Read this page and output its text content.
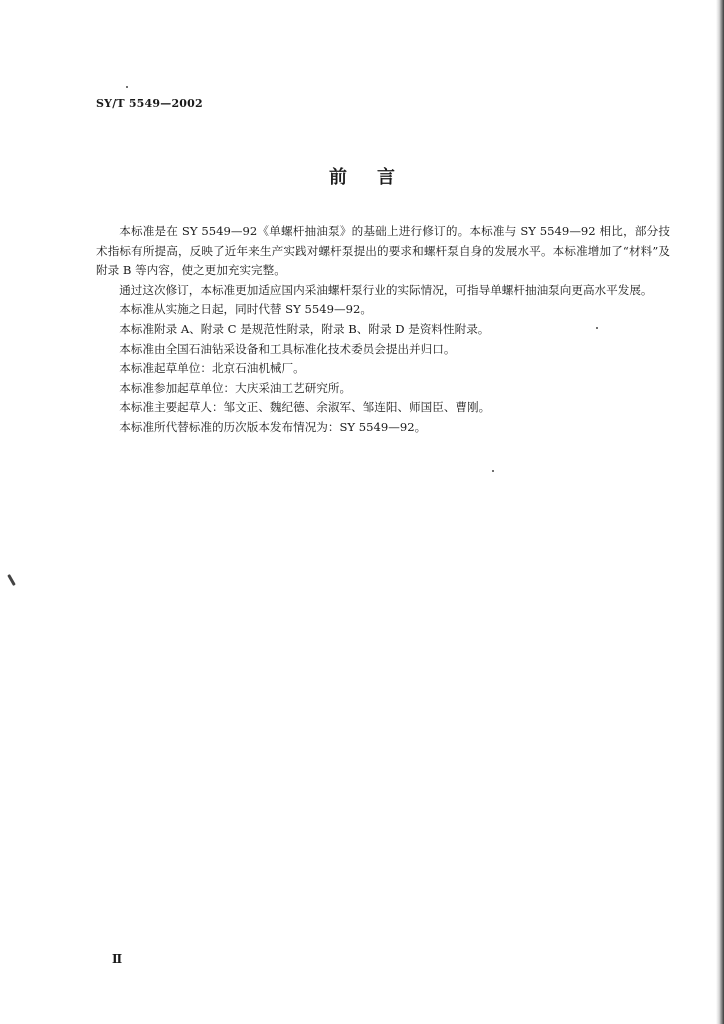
SY/T 5549—2002
前言

本标准是在 SY 5549—92《单螺杆抽油泵》的基础上进行修订的。本标准与 SY 5549—92 相比，部分技术指标有所提高，反映了近年来生产实践对螺杆泵提出的要求和螺杆泵自身的发展水平。本标准增加了“材料”及附录 B 等内容，使之更加充实完整。

通过这次修订，本标准更加适应国内采油螺杆泵行业的实际情况，可指导单螺杆抽油泵向更高水平发展。

本标准从实施之日起，同时代替 SY 5549—92。

本标准附录 A、附录 C 是规范性附录，附录 B、附录 D 是资料性附录。

本标准由全国石油钻采设备和工具标准化技术委员会提出并归口。

本标准起草单位：北京石油机械厂。

本标准参加起草单位：大庆采油工艺研究所。

本标准主要起草人：邹文正、魏纪德、余淑军、邹连阳、师国臣、曹刚。

本标准所代替标准的历次版本发布情况为：SY 5549—92。

Ⅱ
